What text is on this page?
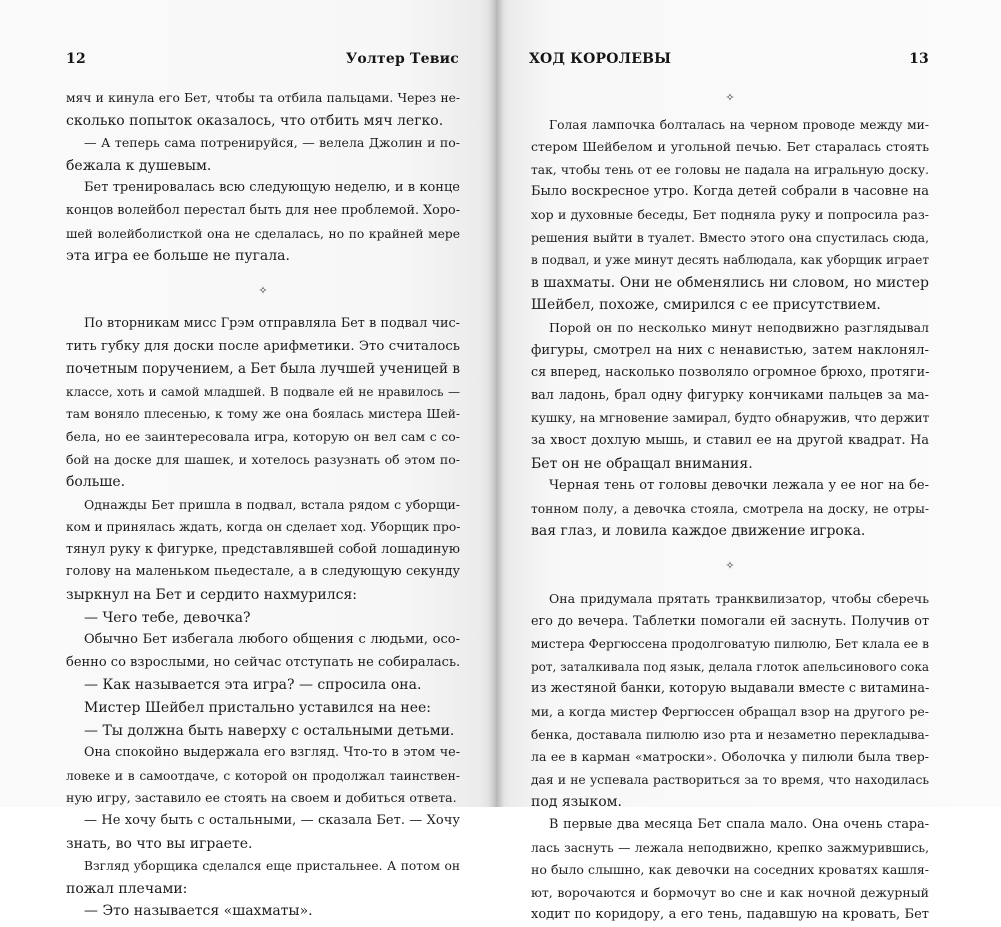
12	Уолтер Тевис
мяч и кинула его Бет, чтобы та отбила пальцами. Через не-
сколько попыток оказалось, что отбить мяч легко.
— А теперь сама потренируйся, — велела Джолин и по-
бежала к душевым.
Бет тренировалась всю следующую неделю, и в конце
концов волейбол перестал быть для нее проблемой. Хоро-
шей волейболисткой она не сделалась, но по крайней мере
эта игра ее больше не пугала.
✧
По вторникам мисс Грэм отправляла Бет в подвал чис-
тить губку для доски после арифметики. Это считалось
почетным поручением, а Бет была лучшей ученицей в
классе, хоть и самой младшей. В подвале ей не нравилось —
там воняло плесенью, к тому же она боялась мистера Шей-
бела, но ее заинтересовала игра, которую он вел сам с со-
бой на доске для шашек, и хотелось разузнать об этом по-
больше.
Однажды Бет пришла в подвал, встала рядом с уборщи-
ком и принялась ждать, когда он сделает ход. Уборщик про-
тянул руку к фигурке, представлявшей собой лошадиную
голову на маленьком пьедестале, а в следующую секунду
зыркнул на Бет и сердито нахмурился:
— Чего тебе, девочка?
Обычно Бет избегала любого общения с людьми, осо-
бенно со взрослыми, но сейчас отступать не собиралась.
— Как называется эта игра? — спросила она.
Мистер Шейбел пристально уставился на нее:
— Ты должна быть наверху с остальными детьми.
Она спокойно выдержала его взгляд. Что-то в этом че-
ловеке и в самоотдаче, с которой он продолжал таинствен-
ную игру, заставило ее стоять на своем и добиться ответа.
— Не хочу быть с остальными, — сказала Бет. — Хочу
знать, во что вы играете.
Взгляд уборщика сделался еще пристальнее. А потом он
пожал плечами:
— Это называется «шахматы».
ХОД КОРОЛЕВЫ	13
✧
Голая лампочка болталась на черном проводе между ми-
стером Шейбелом и угольной печью. Бет старалась стоять
так, чтобы тень от ее головы не падала на игральную доску.
Было воскресное утро. Когда детей собрали в часовне на
хор и духовные беседы, Бет подняла руку и попросила раз-
решения выйти в туалет. Вместо этого она спустилась сюда,
в подвал, и уже минут десять наблюдала, как уборщик играет
в шахматы. Они не обменялись ни словом, но мистер
Шейбел, похоже, смирился с ее присутствием.
Порой он по несколько минут неподвижно разглядывал
фигуры, смотрел на них с ненавистью, затем наклонял-
ся вперед, насколько позволяло огромное брюхо, протяги-
вал ладонь, брал одну фигурку кончиками пальцев за ма-
кушку, на мгновение замирал, будто обнаружив, что держит
за хвост дохлую мышь, и ставил ее на другой квадрат. На
Бет он не обращал внимания.
Черная тень от головы девочки лежала у ее ног на бе-
тонном полу, а девочка стояла, смотрела на доску, не отры-
вая глаз, и ловила каждое движение игрока.
✧
Она придумала прятать транквилизатор, чтобы сберечь
его до вечера. Таблетки помогали ей заснуть. Получив от
мистера Фергюссена продолговатую пилюлю, Бет клала ее в
рот, заталкивала под язык, делала глоток апельсинового сока
из жестяной банки, которую выдавали вместе с витамина-
ми, а когда мистер Фергюссен обращал взор на другого ре-
бенка, доставала пилюлю изо рта и незаметно перекладыва-
ла ее в карман «матроски». Оболочка у пилюли была твер-
дая и не успевала раствориться за то время, что находилась
под языком.
В первые два месяца Бет спала мало. Она очень стара-
лась заснуть — лежала неподвижно, крепко зажмурившись,
но было слышно, как девочки на соседних кроватях кашля-
ют, ворочаются и бормочут во сне и как ночной дежурный
ходит по коридору, а его тень, падавшую на кровать, Бет
